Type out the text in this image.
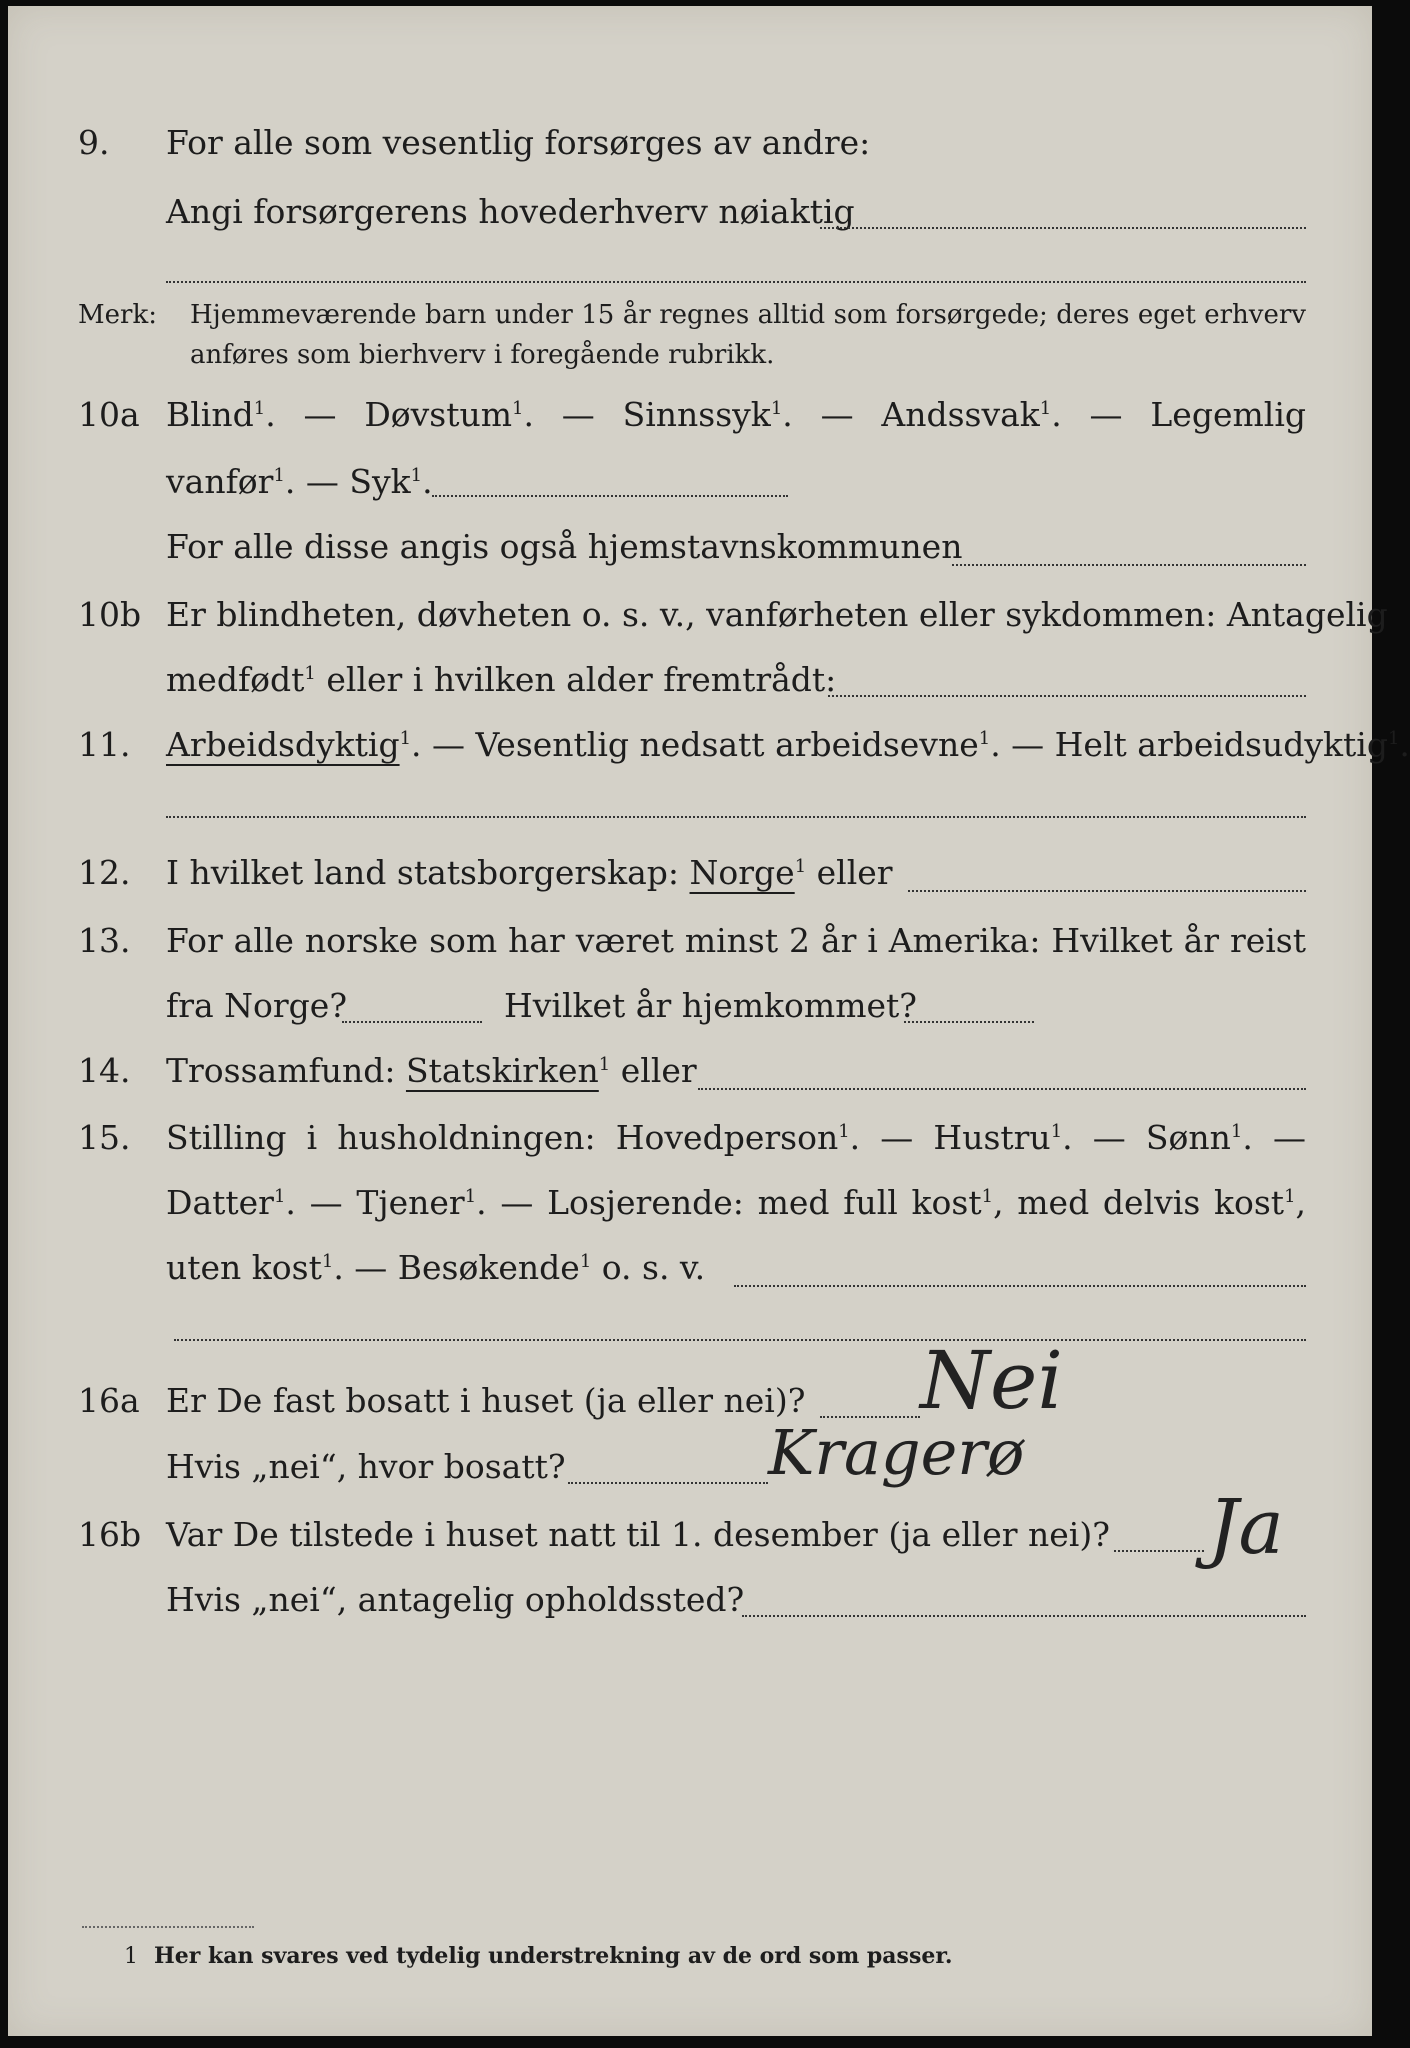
9.	For alle som vesentlig forsørges av andre:
Angi forsørgerens hovederhverv nøiaktig
Merk: Hjemmeværende barn under 15 år regnes alltid som forsørgede; deres eget erhverv
anføres som bierhverv i foregående rubrikk.
10a Blind$^1$. — Døvstum$^1$. — Sinnssyk$^1$. — Andssvak$^1$. — Legemlig
vanfør$^1$. — Syk$^1$.
For alle disse angis også hjemstavnskommunen
10b Er blindheten, døvheten o. s. v., vanførheten eller sykdommen: Antagelig
medfødt$^1$ eller i hvilken alder fremtrådt:
11.	Arbeidsdyktig$^1$. — Vesentlig nedsatt arbeidsevne$^1$. — Helt arbeidsudyktig$^1$.
12.	I hvilket land statsborgerskap: Norge$^1$ eller
13.	For alle norske som har været minst 2 år i Amerika: Hvilket år reist
fra Norge?	Hvilket år hjemkommet?
14.	Trossamfund: Statskirken$^1$ eller
15.	Stilling i husholdningen: Hovedperson$^1$. — Hustru$^1$. — Sønn$^1$. —
Datter$^1$. — Tjener$^1$. — Losjerende: med full kost$^1$, med delvis kost$^1$,
uten kost$^1$. — Besøkende$^1$ o. s. v.
16a Er De fast bosatt i huset (ja eller nei)? Nei
Hvis „nei“, hvor bosatt?	Kragerø
16b Var De tilstede i huset natt til 1. desember (ja eller nei)? Ja
Hvis „nei“, antagelig opholdssted?
1 Her kan svares ved tydelig understrekning av de ord som passer.
